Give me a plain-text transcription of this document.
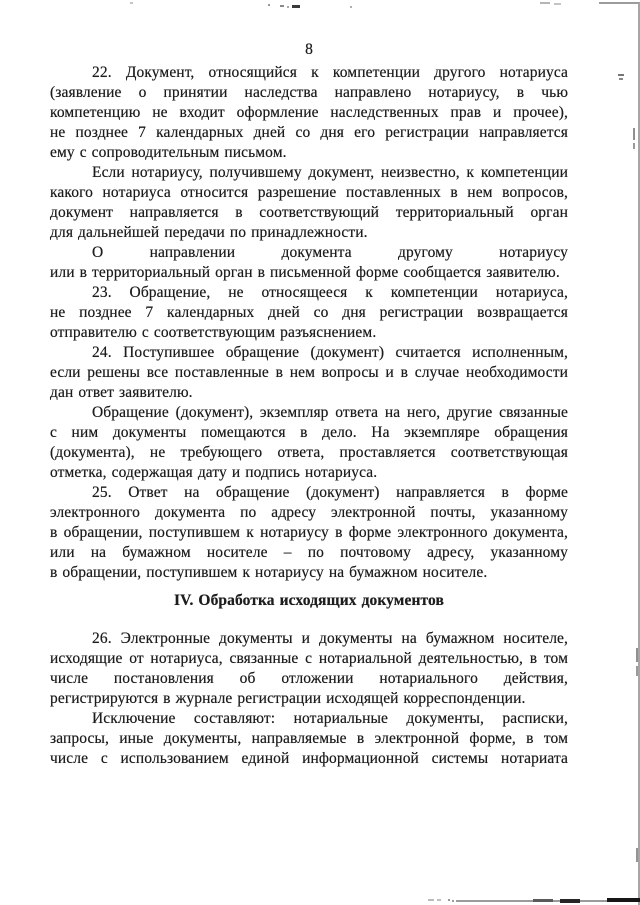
8

22. Документ, относящийся к компетенции другого нотариуса
(заявление о принятии наследства направлено нотариусу, в чью
компетенцию не входит оформление наследственных прав и прочее),
не позднее 7 календарных дней со дня его регистрации направляется
ему с сопроводительным письмом.

Если нотариусу, получившему документ, неизвестно, к компетенции
какого нотариуса относится разрешение поставленных в нем вопросов,
документ направляется в соответствующий территориальный орган
для дальнейшей передачи по принадлежности.

О направлении документа другому нотариусу
или в территориальный орган в письменной форме сообщается заявителю.

23. Обращение, не относящееся к компетенции нотариуса,
не позднее 7 календарных дней со дня регистрации возвращается
отправителю с соответствующим разъяснением.

24. Поступившее обращение (документ) считается исполненным,
если решены все поставленные в нем вопросы и в случае необходимости
дан ответ заявителю.

Обращение (документ), экземпляр ответа на него, другие связанные
с ним документы помещаются в дело. На экземпляре обращения
(документа), не требующего ответа, проставляется соответствующая
отметка, содержащая дату и подпись нотариуса.

25. Ответ на обращение (документ) направляется в форме
электронного документа по адресу электронной почты, указанному
в обращении, поступившем к нотариусу в форме электронного документа,
или на бумажном носителе – по почтовому адресу, указанному
в обращении, поступившем к нотариусу на бумажном носителе.

IV. Обработка исходящих документов

26. Электронные документы и документы на бумажном носителе,
исходящие от нотариуса, связанные с нотариальной деятельностью, в том
числе постановления об отложении нотариального действия,
регистрируются в журнале регистрации исходящей корреспонденции.

Исключение составляют: нотариальные документы, расписки,
запросы, иные документы, направляемые в электронной форме, в том
числе с использованием единой информационной системы нотариата
